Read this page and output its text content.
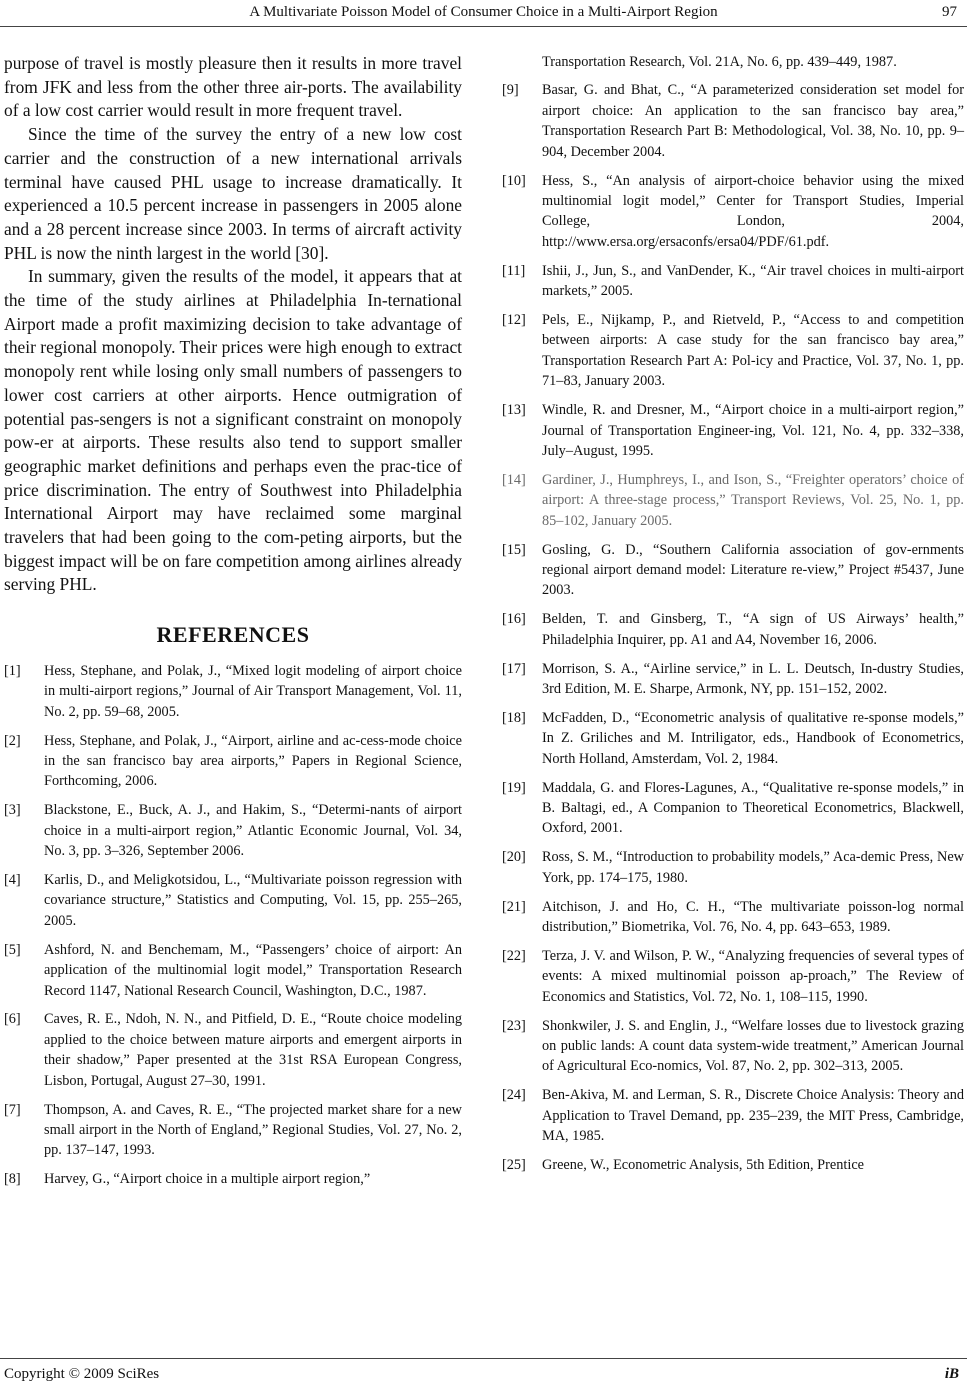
A Multivariate Poisson Model of Consumer Choice in a Multi-Airport Region	97

purpose of travel is mostly pleasure then it results in more travel from JFK and less from the other three air-ports. The availability of a low cost carrier would result in more frequent travel.

Since the time of the survey the entry of a new low cost carrier and the construction of a new international arrivals terminal have caused PHL usage to increase dramatically. It experienced a 10.5 percent increase in passengers in 2005 alone and a 28 percent increase since 2003. In terms of aircraft activity PHL is now the ninth largest in the world [30].

In summary, given the results of the model, it appears that at the time of the study airlines at Philadelphia In-ternational Airport made a profit maximizing decision to take advantage of their regional monopoly. Their prices were high enough to extract monopoly rent while losing only small numbers of passengers to lower cost carriers at other airports. Hence outmigration of potential pas-sengers is not a significant constraint on monopoly pow-er at airports. These results also tend to support smaller geographic market definitions and perhaps even the prac-tice of price discrimination. The entry of Southwest into Philadelphia International Airport may have reclaimed some marginal travelers that had been going to the com-peting airports, but the biggest impact will be on fare competition among airlines already serving PHL.

REFERENCES
[1]	Hess, Stephane, and Polak, J., “Mixed logit modeling of airport choice in multi-airport regions,” Journal of Air Transport Management, Vol. 11, No. 2, pp. 59–68, 2005.
[2]	Hess, Stephane, and Polak, J., “Airport, airline and ac-cess-mode choice in the san francisco bay area airports,” Papers in Regional Science, Forthcoming, 2006.
[3]	Blackstone, E., Buck, A. J., and Hakim, S., “Determi-nants of airport choice in a multi-airport region,” Atlantic Economic Journal, Vol. 34, No. 3, pp. 3–326, September 2006.
[4]	Karlis, D., and Meligkotsidou, L., “Multivariate poisson regression with covariance structure,” Statistics and Computing, Vol. 15, pp. 255–265, 2005.
[5]	Ashford, N. and Benchemam, M., “Passengers’ choice of airport: An application of the multinomial logit model,” Transportation Research Record 1147, National Research Council, Washington, D.C., 1987.
[6]	Caves, R. E., Ndoh, N. N., and Pitfield, D. E., “Route choice modeling applied to the choice between mature airports and emergent airports in their shadow,” Paper presented at the 31st RSA European Congress, Lisbon, Portugal, August 27–30, 1991.
[7]	Thompson, A. and Caves, R. E., “The projected market share for a new small airport in the North of England,” Regional Studies, Vol. 27, No. 2, pp. 137–147, 1993.
[8]	Harvey, G., “Airport choice in a multiple airport region,”
Transportation Research, Vol. 21A, No. 6, pp. 439–449, 1987.
[9]	Basar, G. and Bhat, C., “A parameterized consideration set model for airport choice: An application to the san francisco bay area,” Transportation Research Part B: Methodological, Vol. 38, No. 10, pp. 9–904, December 2004.
[10]	Hess, S., “An analysis of airport-choice behavior using the mixed multinomial logit model,” Center for Transport Studies, Imperial College, London, 2004, http://www.ersa.org/ersaconfs/ersa04/PDF/61.pdf.
[11]	Ishii, J., Jun, S., and VanDender, K., “Air travel choices in multi-airport markets,” 2005.
[12]	Pels, E., Nijkamp, P., and Rietveld, P., “Access to and competition between airports: A case study for the san francisco bay area,” Transportation Research Part A: Pol-icy and Practice, Vol. 37, No. 1, pp. 71–83, January 2003.
[13]	Windle, R. and Dresner, M., “Airport choice in a multi-airport region,” Journal of Transportation Engineer-ing, Vol. 121, No. 4, pp. 332–338, July–August, 1995.
[14]	Gardiner, J., Humphreys, I., and Ison, S., “Freighter operators’ choice of airport: A three-stage process,” Transport Reviews, Vol. 25, No. 1, pp. 85–102, January 2005.
[15]	Gosling, G. D., “Southern California association of gov-ernments regional airport demand model: Literature re-view,” Project #5437, June 2003.
[16]	Belden, T. and Ginsberg, T., “A sign of US Airways’ health,” Philadelphia Inquirer, pp. A1 and A4, November 16, 2006.
[17]	Morrison, S. A., “Airline service,” in L. L. Deutsch, In-dustry Studies, 3rd Edition, M. E. Sharpe, Armonk, NY, pp. 151–152, 2002.
[18]	McFadden, D., “Econometric analysis of qualitative re-sponse models,” In Z. Griliches and M. Intriligator, eds., Handbook of Econometrics, North Holland, Amsterdam, Vol. 2, 1984.
[19]	Maddala, G. and Flores-Lagunes, A., “Qualitative re-sponse models,” in B. Baltagi, ed., A Companion to Theoretical Econometrics, Blackwell, Oxford, 2001.
[20]	Ross, S. M., “Introduction to probability models,” Aca-demic Press, New York, pp. 174–175, 1980.
[21]	Aitchison, J. and Ho, C. H., “The multivariate poisson-log normal distribution,” Biometrika, Vol. 76, No. 4, pp. 643–653, 1989.
[22]	Terza, J. V. and Wilson, P. W., “Analyzing frequencies of several types of events: A mixed multinomial poisson ap-proach,” The Review of Economics and Statistics, Vol. 72, No. 1, 108–115, 1990.
[23]	Shonkwiler, J. S. and Englin, J., “Welfare losses due to livestock grazing on public lands: A count data system-wide treatment,” American Journal of Agricultural Eco-nomics, Vol. 87, No. 2, pp. 302–313, 2005.
[24]	Ben-Akiva, M. and Lerman, S. R., Discrete Choice Analysis: Theory and Application to Travel Demand, pp. 235–239, the MIT Press, Cambridge, MA, 1985.
[25]	Greene, W., Econometric Analysis, 5th Edition, Prentice
Copyright © 2009 SciRes	iB
